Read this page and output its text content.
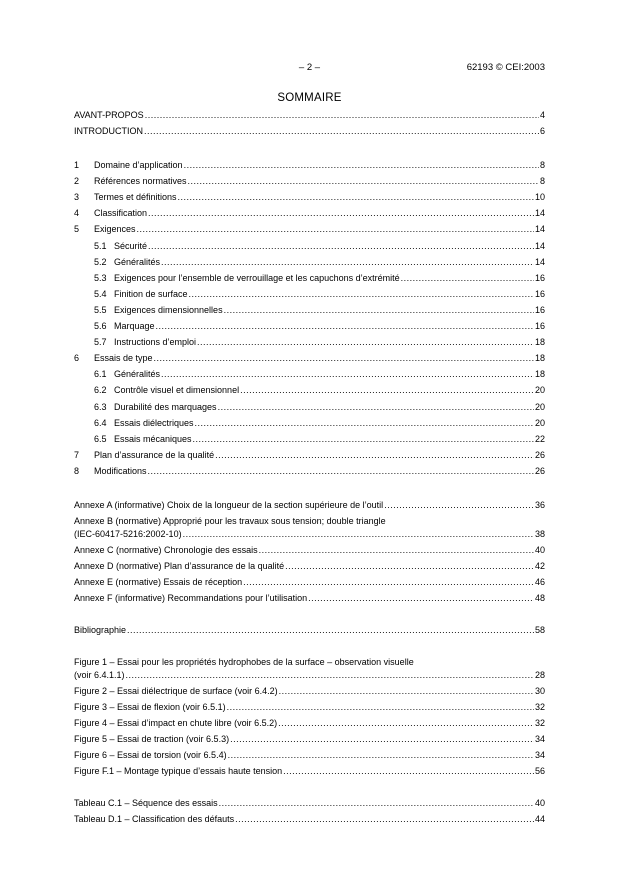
– 2 –	62193 © CEI:2003
SOMMAIRE
AVANT-PROPOS .....	4
INTRODUCTION .....	6
1	Domaine d’application .....	8
2	Références normatives .....	8
3	Termes et définitions .....	10
4	Classification .....	14
5	Exigences .....	14
5.1 Sécurité .....	14
5.2 Généralités .....	14
5.3 Exigences pour l’ensemble de verrouillage et les capuchons d’extrémité .....	16
5.4 Finition de surface .....	16
5.5 Exigences dimensionnelles .....	16
5.6 Marquage .....	16
5.7 Instructions d’emploi .....	18
6	Essais de type .....	18
6.1 Généralités .....	18
6.2 Contrôle visuel et dimensionnel .....	20
6.3 Durabilité des marquages .....	20
6.4 Essais diélectriques .....	20
6.5 Essais mécaniques .....	22
7	Plan d’assurance de la qualité .....	26
8	Modifications .....	26
Annexe A (informative) Choix de la longueur de la section supérieure de l’outil .....	36
Annexe B (normative) Approprié pour les travaux sous tension; double triangle
(IEC-60417-5216:2002-10) .....	38
Annexe C (normative) Chronologie des essais .....	40
Annexe D (normative) Plan d’assurance de la qualité .....	42
Annexe E (normative) Essais de réception .....	46
Annexe F (informative) Recommandations pour l’utilisation .....	48
Bibliographie .....	58
Figure 1 – Essai pour les propriétés hydrophobes de la surface – observation visuelle
(voir 6.4.1.1) .....	28
Figure 2 – Essai diélectrique de surface (voir 6.4.2) .....	30
Figure 3 – Essai de flexion (voir 6.5.1) .....	32
Figure 4 – Essai d’impact en chute libre (voir 6.5.2) .....	32
Figure 5 – Essai de traction (voir 6.5.3) .....	34
Figure 6 – Essai de torsion (voir 6.5.4) .....	34
Figure F.1 – Montage typique d’essais haute tension .....	56
Tableau C.1 – Séquence des essais .....	40
Tableau D.1 – Classification des défauts .....	44
